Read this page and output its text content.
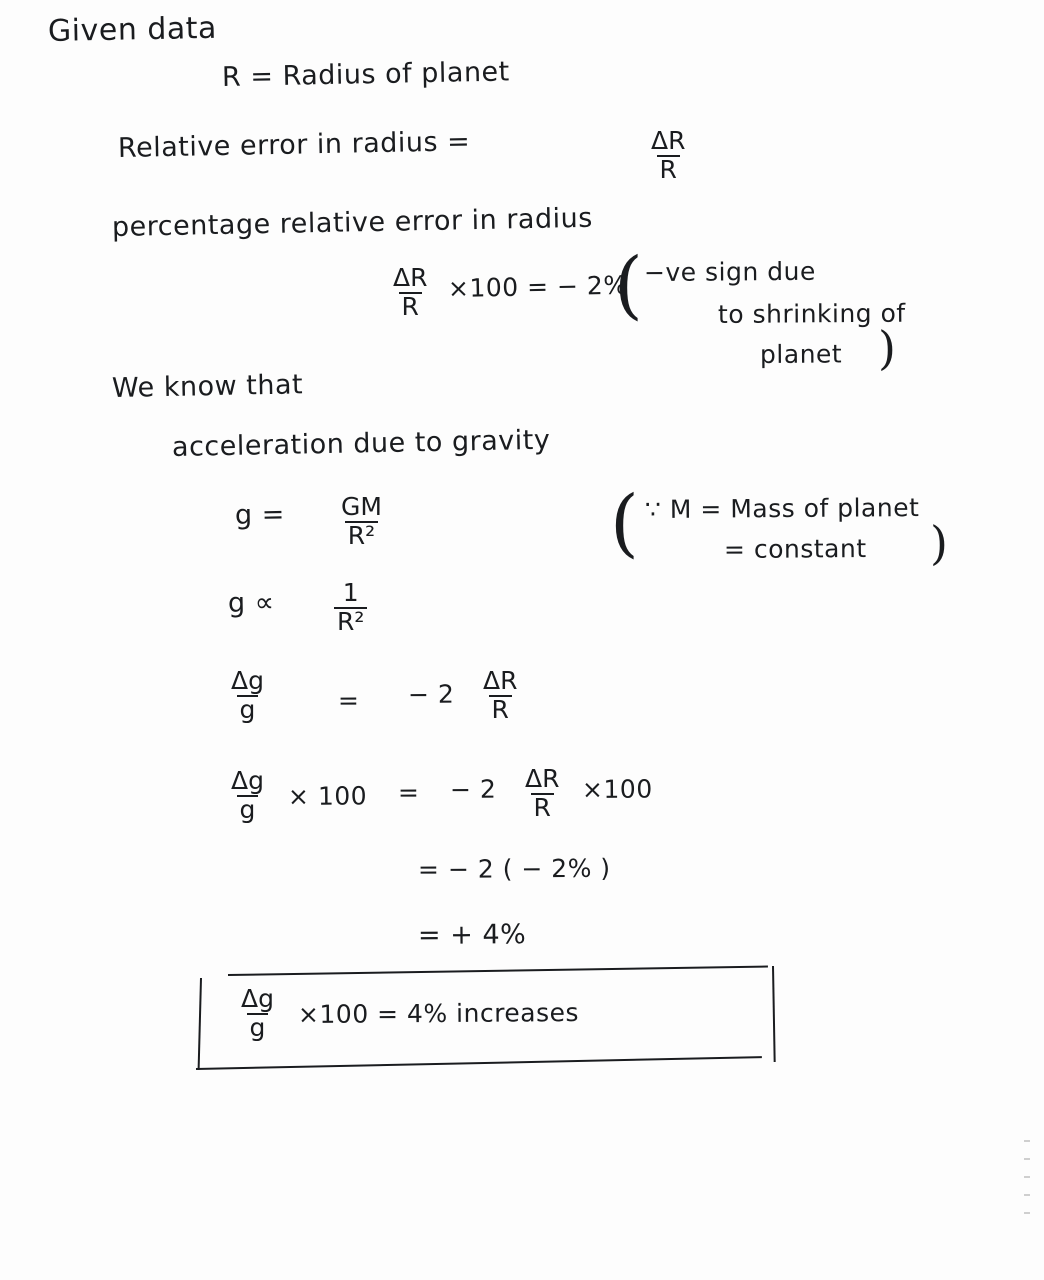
Given data
R = Radius of planet
Relative error in radius =	$\frac{\Delta R}{R}$
percentage relative error in radius
$\frac{\Delta R}{R} \times 100$ = − 2%
( −ve sign due
to shrinking of
planet )
We know that
acceleration due to gravity
$g = \frac{GM}{\text{R²}}$	( ∵ M = Mass of planet
= constant )
$g \propto \frac{1}{\text{R²}}$
$\frac{\Delta g}{g}$	= − $2 \frac{\Delta R}{R}$
$\frac{\Delta g}{g} \times 100$ = − $2 \frac{\Delta R}{R} \times 100$
= − 2 ( − 2% )
= + 4%
$\frac{\Delta g}{g} \times 100 = 4\%$ increases
